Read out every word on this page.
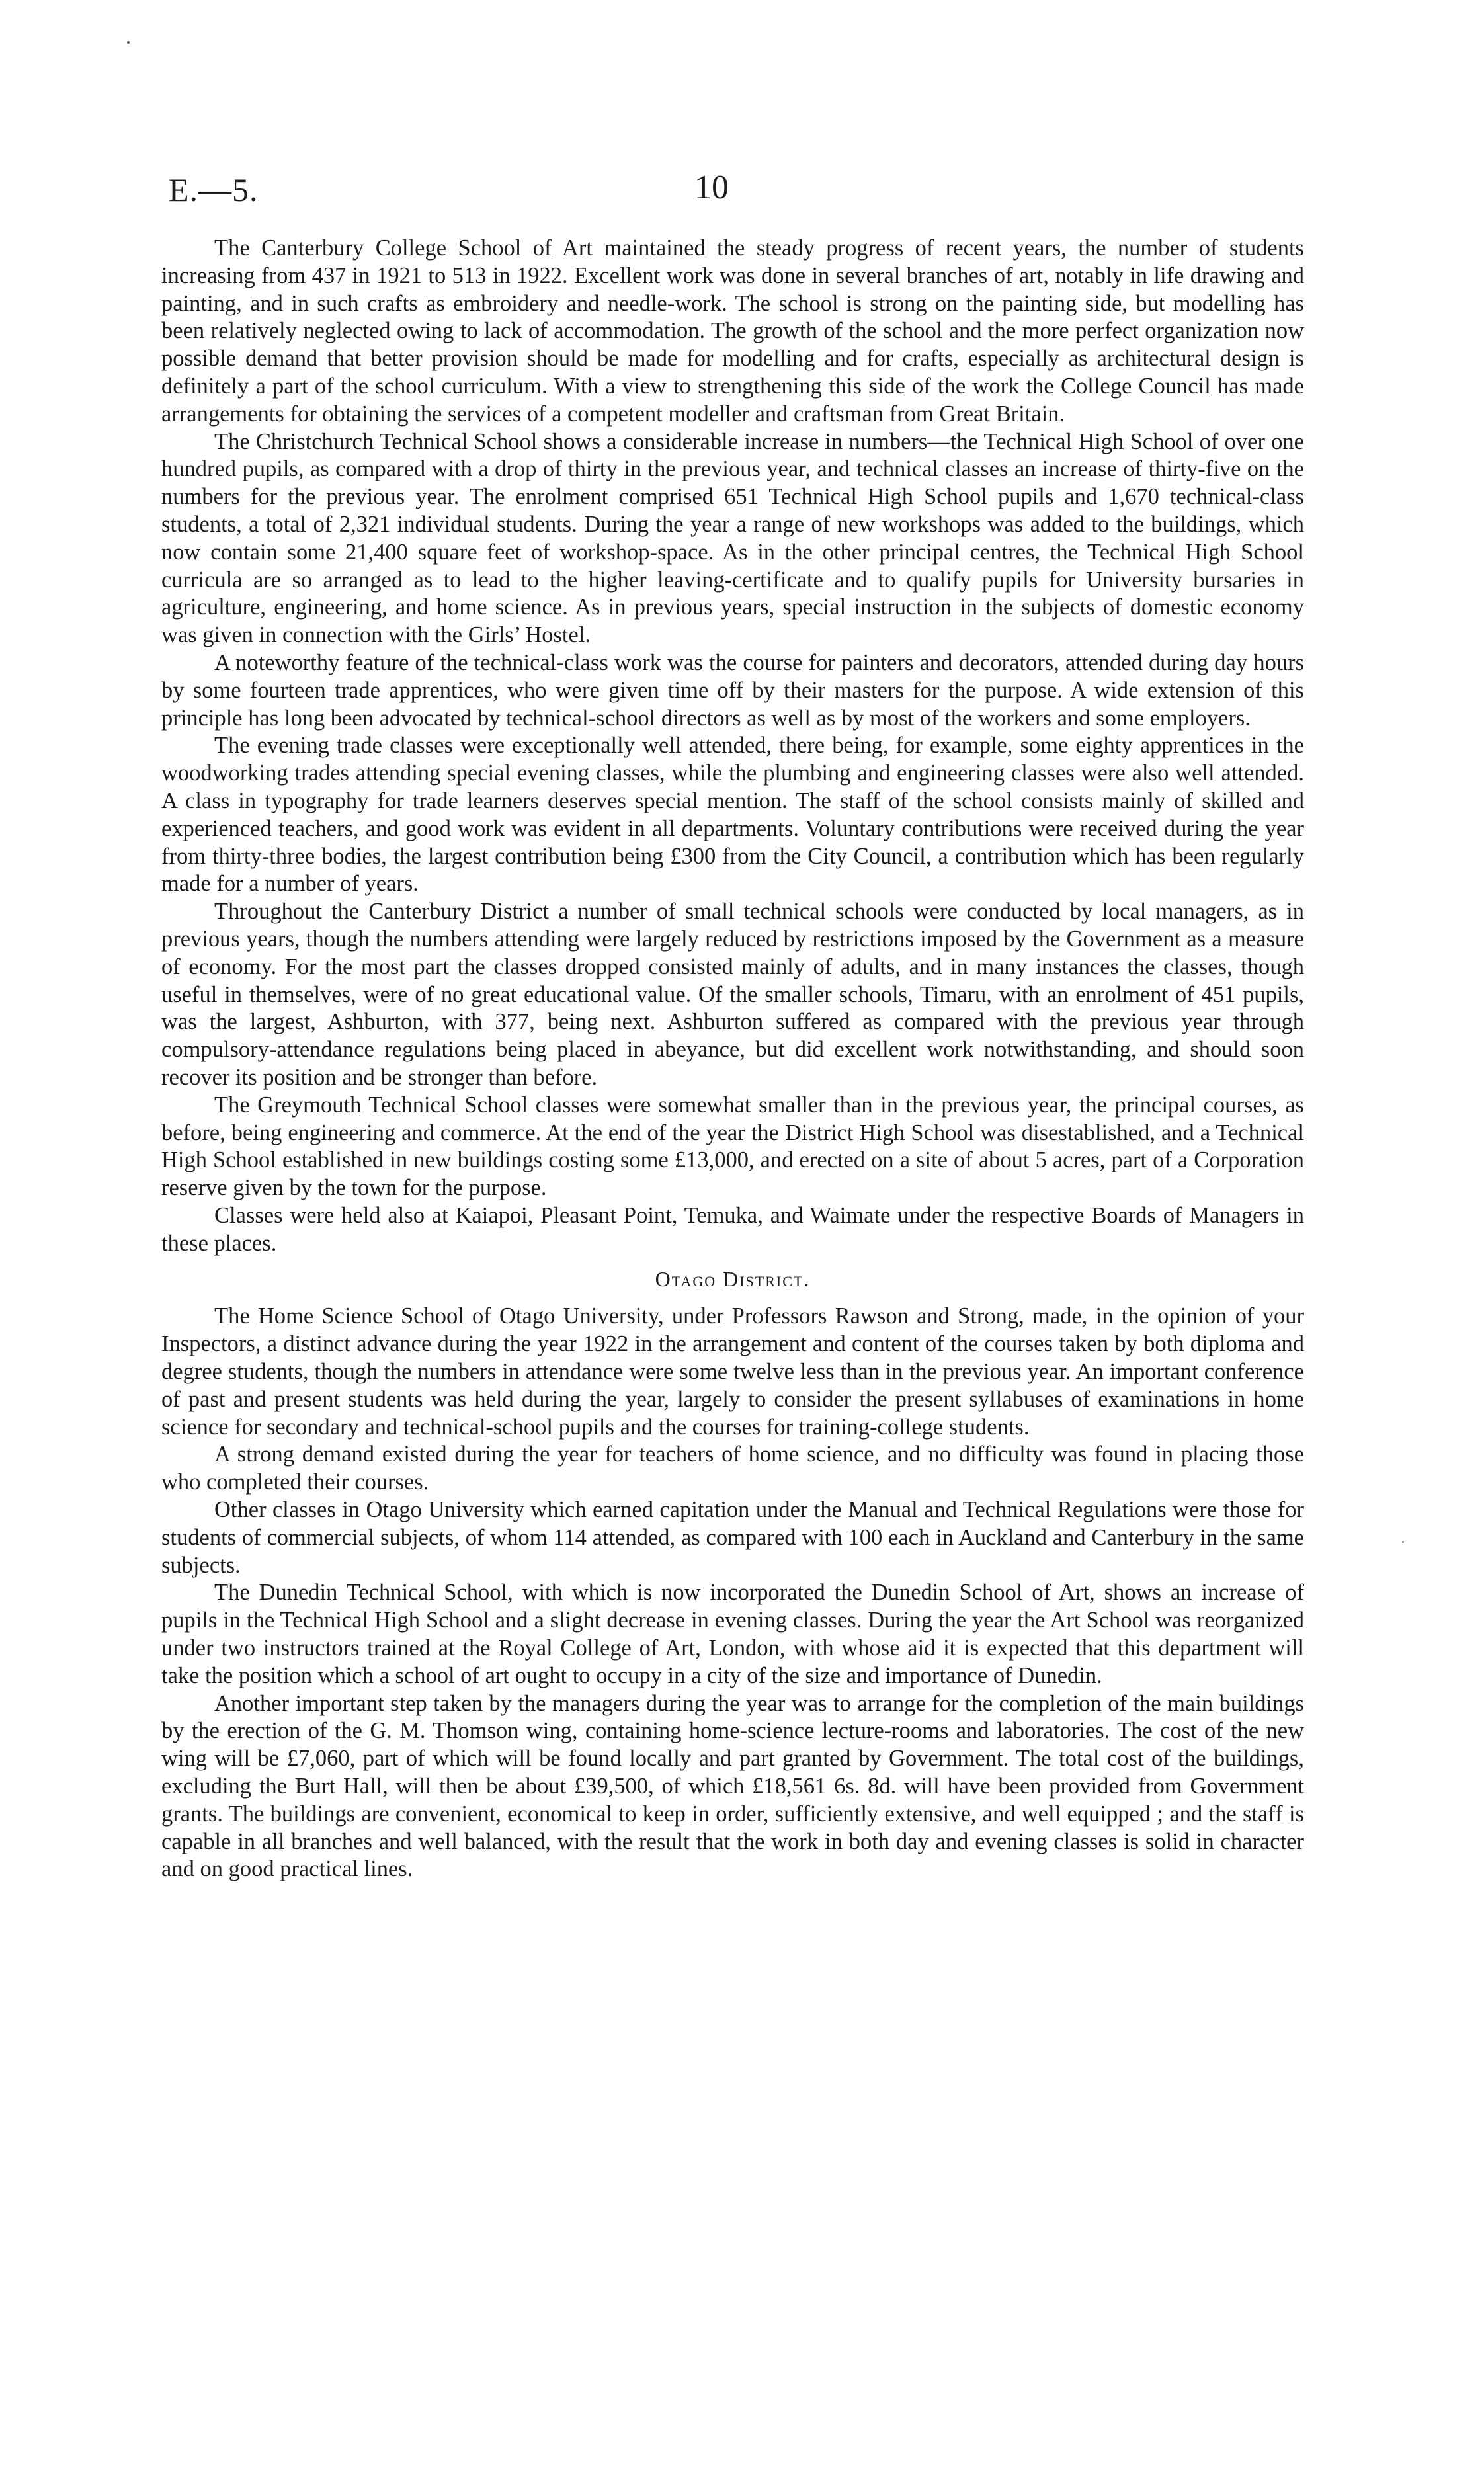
E.—5.	10

The Canterbury College School of Art maintained the steady progress of recent years, the number of students increasing from 437 in 1921 to 513 in 1922. Excellent work was done in several branches of art, notably in life drawing and painting, and in such crafts as embroidery and needle-work. The school is strong on the painting side, but modelling has been relatively neglected owing to lack of accommodation. The growth of the school and the more perfect organization now possible demand that better provision should be made for modelling and for crafts, especially as architectural design is definitely a part of the school curriculum. With a view to strengthening this side of the work the College Council has made arrangements for obtaining the services of a competent modeller and craftsman from Great Britain.

The Christchurch Technical School shows a considerable increase in numbers—the Technical High School of over one hundred pupils, as compared with a drop of thirty in the previous year, and technical classes an increase of thirty-five on the numbers for the previous year. The enrolment comprised 651 Technical High School pupils and 1,670 technical-class students, a total of 2,321 individual students. During the year a range of new workshops was added to the buildings, which now contain some 21,400 square feet of workshop-space. As in the other principal centres, the Technical High School curricula are so arranged as to lead to the higher leaving-certificate and to qualify pupils for University bursaries in agriculture, engineering, and home science. As in previous years, special instruction in the subjects of domestic economy was given in connection with the Girls’ Hostel.

A noteworthy feature of the technical-class work was the course for painters and decorators, attended during day hours by some fourteen trade apprentices, who were given time off by their masters for the purpose. A wide extension of this principle has long been advocated by technical-school directors as well as by most of the workers and some employers.

The evening trade classes were exceptionally well attended, there being, for example, some eighty apprentices in the woodworking trades attending special evening classes, while the plumbing and engineering classes were also well attended. A class in typography for trade learners deserves special mention. The staff of the school consists mainly of skilled and experienced teachers, and good work was evident in all departments. Voluntary contributions were received during the year from thirty-three bodies, the largest contribution being £300 from the City Council, a contribution which has been regularly made for a number of years.

Throughout the Canterbury District a number of small technical schools were conducted by local managers, as in previous years, though the numbers attending were largely reduced by restrictions imposed by the Government as a measure of economy. For the most part the classes dropped consisted mainly of adults, and in many instances the classes, though useful in themselves, were of no great educational value. Of the smaller schools, Timaru, with an enrolment of 451 pupils, was the largest, Ashburton, with 377, being next. Ashburton suffered as compared with the previous year through compulsory-attendance regulations being placed in abeyance, but did excellent work notwithstanding, and should soon recover its position and be stronger than before.

The Greymouth Technical School classes were somewhat smaller than in the previous year, the principal courses, as before, being engineering and commerce. At the end of the year the District High School was disestablished, and a Technical High School established in new buildings costing some £13,000, and erected on a site of about 5 acres, part of a Corporation reserve given by the town for the purpose.

Classes were held also at Kaiapoi, Pleasant Point, Temuka, and Waimate under the respective Boards of Managers in these places.

Otago District.

The Home Science School of Otago University, under Professors Rawson and Strong, made, in the opinion of your Inspectors, a distinct advance during the year 1922 in the arrangement and content of the courses taken by both diploma and degree students, though the numbers in attendance were some twelve less than in the previous year. An important conference of past and present students was held during the year, largely to consider the present syllabuses of examinations in home science for secondary and technical-school pupils and the courses for training-college students.

A strong demand existed during the year for teachers of home science, and no difficulty was found in placing those who completed their courses.

Other classes in Otago University which earned capitation under the Manual and Technical Regulations were those for students of commercial subjects, of whom 114 attended, as compared with 100 each in Auckland and Canterbury in the same subjects.

The Dunedin Technical School, with which is now incorporated the Dunedin School of Art, shows an increase of pupils in the Technical High School and a slight decrease in evening classes. During the year the Art School was reorganized under two instructors trained at the Royal College of Art, London, with whose aid it is expected that this department will take the position which a school of art ought to occupy in a city of the size and importance of Dunedin.

Another important step taken by the managers during the year was to arrange for the completion of the main buildings by the erection of the G. M. Thomson wing, containing home-science lecture-rooms and laboratories. The cost of the new wing will be £7,060, part of which will be found locally and part granted by Government. The total cost of the buildings, excluding the Burt Hall, will then be about £39,500, of which £18,561 6s. 8d. will have been provided from Government grants. The buildings are convenient, economical to keep in order, sufficiently extensive, and well equipped ; and the staff is capable in all branches and well balanced, with the result that the work in both day and evening classes is solid in character and on good practical lines.
